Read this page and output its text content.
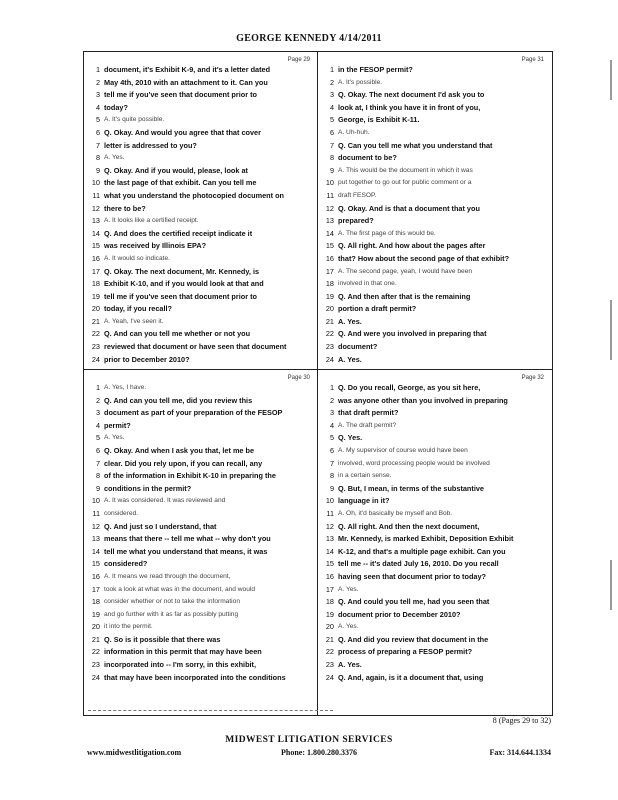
GEORGE KENNEDY 4/14/2011
Page 29
1 document, it's Exhibit K-9, and it's a letter dated
2 May 4th, 2010 with an attachment to it. Can you
3 tell me if you've seen that document prior to
4 today?
5 A. It's quite possible.
6 Q. Okay. And would you agree that that cover
7 letter is addressed to you?
8 A. Yes.
9 Q. Okay. And if you would, please, look at
10 the last page of that exhibit. Can you tell me
11 what you understand the photocopied document on
12 there to be?
13 A. It looks like a certified receipt.
14 Q. And does the certified receipt indicate it
15 was received by Illinois EPA?
16 A. It would so indicate.
17 Q. Okay. The next document, Mr. Kennedy, is
18 Exhibit K-10, and if you would look at that and
19 tell me if you've seen that document prior to
20 today, if you recall?
21 A. Yeah, I've seen it.
22 Q. And can you tell me whether or not you
23 reviewed that document or have seen that document
24 prior to December 2010?
Page 31
1 in the FESOP permit?
2 A. It's possible.
3 Q. Okay. The next document I'd ask you to
4 look at, I think you have it in front of you,
5 George, is Exhibit K-11.
6 A. Uh-huh.
7 Q. Can you tell me what you understand that
8 document to be?
9 A. This would be the document in which it was
10 put together to go out for public comment or a
11 draft FESOP.
12 Q. Okay. And is that a document that you
13 prepared?
14 A. The first page of this would be.
15 Q. All right. And how about the pages after
16 that? How about the second page of that exhibit?
17 A. The second page, yeah, I would have been
18 involved in that one.
19 Q. And then after that is the remaining
20 portion a draft permit?
21 A. Yes.
22 Q. And were you involved in preparing that
23 document?
24 A. Yes.
Page 30
1 A. Yes, I have.
2 Q. And can you tell me, did you review this
3 document as part of your preparation of the FESOP
4 permit?
5 A. Yes.
6 Q. Okay. And when I ask you that, let me be
7 clear. Did you rely upon, if you can recall, any
8 of the information in Exhibit K-10 in preparing the
9 conditions in the permit?
10 A. It was considered. It was reviewed and
11 considered.
12 Q. And just so I understand, that
13 means that there -- tell me what -- why don't you
14 tell me what you understand that means, it was
15 considered?
16 A. It means we read through the document,
17 took a look at what was in the document, and would
18 consider whether or not to take the information
19 and go further with it as far as possibly putting
20 it into the permit.
21 Q. So is it possible that there was
22 information in this permit that may have been
23 incorporated into -- I'm sorry, in this exhibit,
24 that may have been incorporated into the conditions
Page 32
1 Q. Do you recall, George, as you sit here,
2 was anyone other than you involved in preparing
3 that draft permit?
4 A. The draft permit?
5 Q. Yes.
6 A. My supervisor of course would have been
7 involved, word processing people would be involved
8 in a certain sense.
9 Q. But, I mean, in terms of the substantive
10 language in it?
11 A. Oh, it'd basically be myself and Bob.
12 Q. All right. And then the next document,
13 Mr. Kennedy, is marked Exhibit, Deposition Exhibit
14 K-12, and that's a multiple page exhibit. Can you
15 tell me -- it's dated July 16, 2010. Do you recall
16 having seen that document prior to today?
17 A. Yes.
18 Q. And could you tell me, had you seen that
19 document prior to December 2010?
20 A. Yes.
21 Q. And did you review that document in the
22 process of preparing a FESOP permit?
23 A. Yes.
24 Q. And, again, is it a document that, using
8 (Pages 29 to 32)
MIDWEST LITIGATION SERVICES
www.midwestlitigation.com	Phone: 1.800.280.3376	Fax: 314.644.1334
